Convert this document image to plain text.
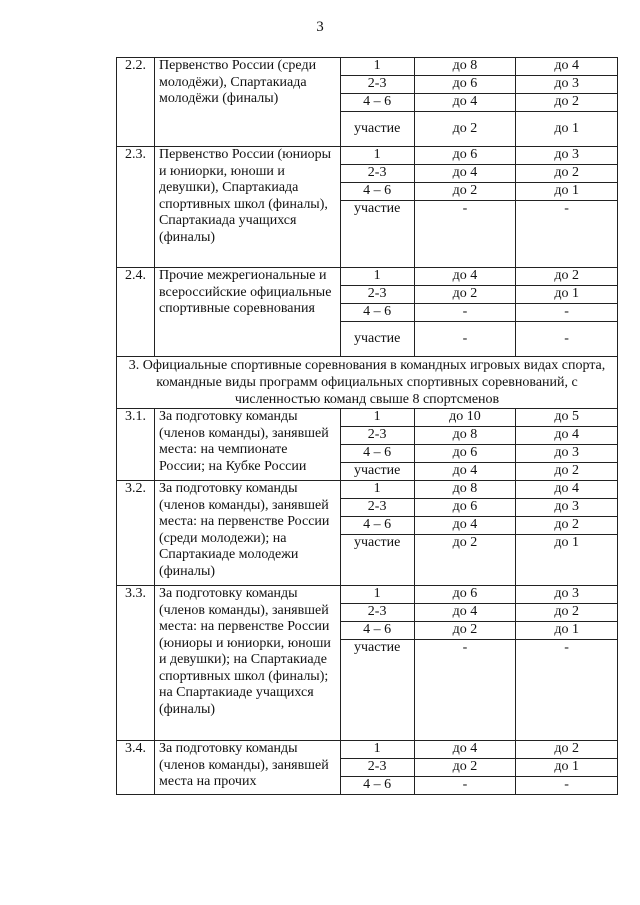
3
2.2.	Первенство России (среди молодёжи), Спартакиада молодёжи (финалы)	1	до 8	до 4
		2-3	до 6	до 3
		4 – 6	до 4	до 2
		участие	до 2	до 1
2.3.	Первенство России (юниоры и юниорки, юноши и девушки), Спартакиада спортивных школ (финалы), Спартакиада учащихся (финалы)	1	до 6	до 3
		2-3	до 4	до 2
		4 – 6	до 2	до 1
		участие	-	-
2.4.	Прочие межрегиональные и всероссийские официальные спортивные соревнования	1	до 4	до 2
		2-3	до 2	до 1
		4 – 6	-	-
		участие	-	-
3. Официальные спортивные соревнования в командных игровых видах спорта, командные виды программ официальных спортивных соревнований, с численностью команд свыше 8 спортсменов				
3.1.	За подготовку команды (членов команды), занявшей места: на чемпионате России; на Кубке России	1	до 10	до 5
		2-3	до 8	до 4
		4 – 6	до 6	до 3
		участие	до 4	до 2
3.2.	За подготовку команды (членов команды), занявшей места: на первенстве России (среди молодежи); на Спартакиаде молодежи (финалы)	1	до 8	до 4
		2-3	до 6	до 3
		4 – 6	до 4	до 2
		участие	до 2	до 1
3.3.	За подготовку команды (членов команды), занявшей места: на первенстве России (юниоры и юниорки, юноши и девушки); на Спартакиаде спортивных школ (финалы); на Спартакиаде учащихся (финалы)	1	до 6	до 3
		2-3	до 4	до 2
		4 – 6	до 2	до 1
		участие	-	-
3.4.	За подготовку команды (членов команды), занявшей места на прочих	1	до 4	до 2
		2-3	до 2	до 1
		4 – 6	-	-
